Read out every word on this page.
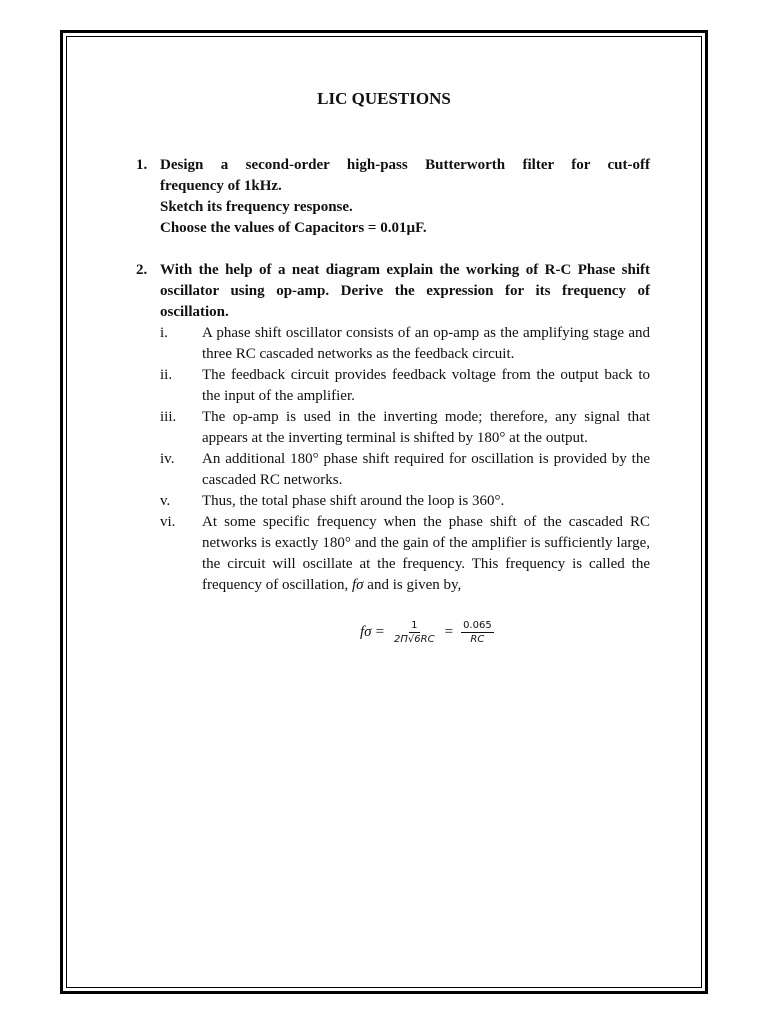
LIC QUESTIONS
1. Design a second-order high-pass Butterworth filter for cut-off
frequency of 1kHz.
Sketch its frequency response.
Choose the values of Capacitors = 0.01µF.
2. With the help of a neat diagram explain the working of R-C Phase shift oscillator using op-amp. Derive the expression for its frequency of oscillation.
i. A phase shift oscillator consists of an op-amp as the amplifying stage and three RC cascaded networks as the feedback circuit.
ii. The feedback circuit provides feedback voltage from the output back to the input of the amplifier.
iii. The op-amp is used in the inverting mode; therefore, any signal that appears at the inverting terminal is shifted by 180° at the output.
iv. An additional 180° phase shift required for oscillation is provided by the cascaded RC networks.
v. Thus, the total phase shift around the loop is 360°.
vi. At some specific frequency when the phase shift of the cascaded RC networks is exactly 180° and the gain of the amplifier is sufficiently large, the circuit will oscillate at the frequency. This frequency is called the frequency of oscillation, fσ and is given by,
$f\sigma = \frac{1}{2\Pi√6RC} = \frac{0.065}{RC}$
